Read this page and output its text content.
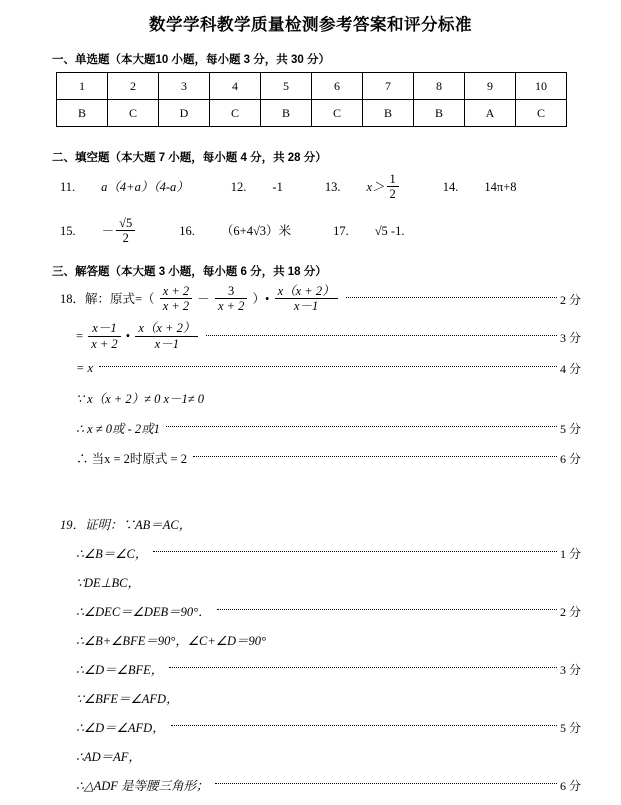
数学学科教学质量检测参考答案和评分标准
一、单选题（本大题10 小题，每小题 3 分，共 30 分）
1	2	3	4	5	6	7	8	9	10
B	C	D	C	B	C	B	B	A	C
二、填空题（本大题 7 小题，每小题 4 分，共 28 分）
11. a（4+a）（4-a）	12. -1	13. $x> \frac{1}{2}$	14. 14π+8
15. － $\frac{√5}{2}$	16. （6+4√3）米	17. √5 -1.
三、解答题（本大题 3 小题，每小题 6 分，共 18 分）
18．解：原式=（ $\frac{x + 2}{x + 2} - \frac{3}{x + 2}$ ）• $\frac{x(x + 2)}{x-1}$	2 分
= $\frac{x-1}{x + 2}$ • $\frac{x(x + 2)}{x-1}$	3 分
= x	4 分
∵ x（x + 2）≠ 0 x－1≠ 0
∴ x ≠ 0或 - 2或1	5 分
∴ 当x = 2时原式 = 2	6 分
19．证明：∵AB＝AC，
∴∠B＝∠C，	1 分
∵DE⊥BC，
∴∠DEC＝∠DEB＝90°．	2 分
∴∠B+∠BFE＝90°，∠C+∠D＝90°
∴∠D＝∠BFE，	3 分
∵∠BFE＝∠AFD，
∴∠D＝∠AFD，	5 分
∴AD＝AF，
∴△ADF 是等腰三角形；	6 分
